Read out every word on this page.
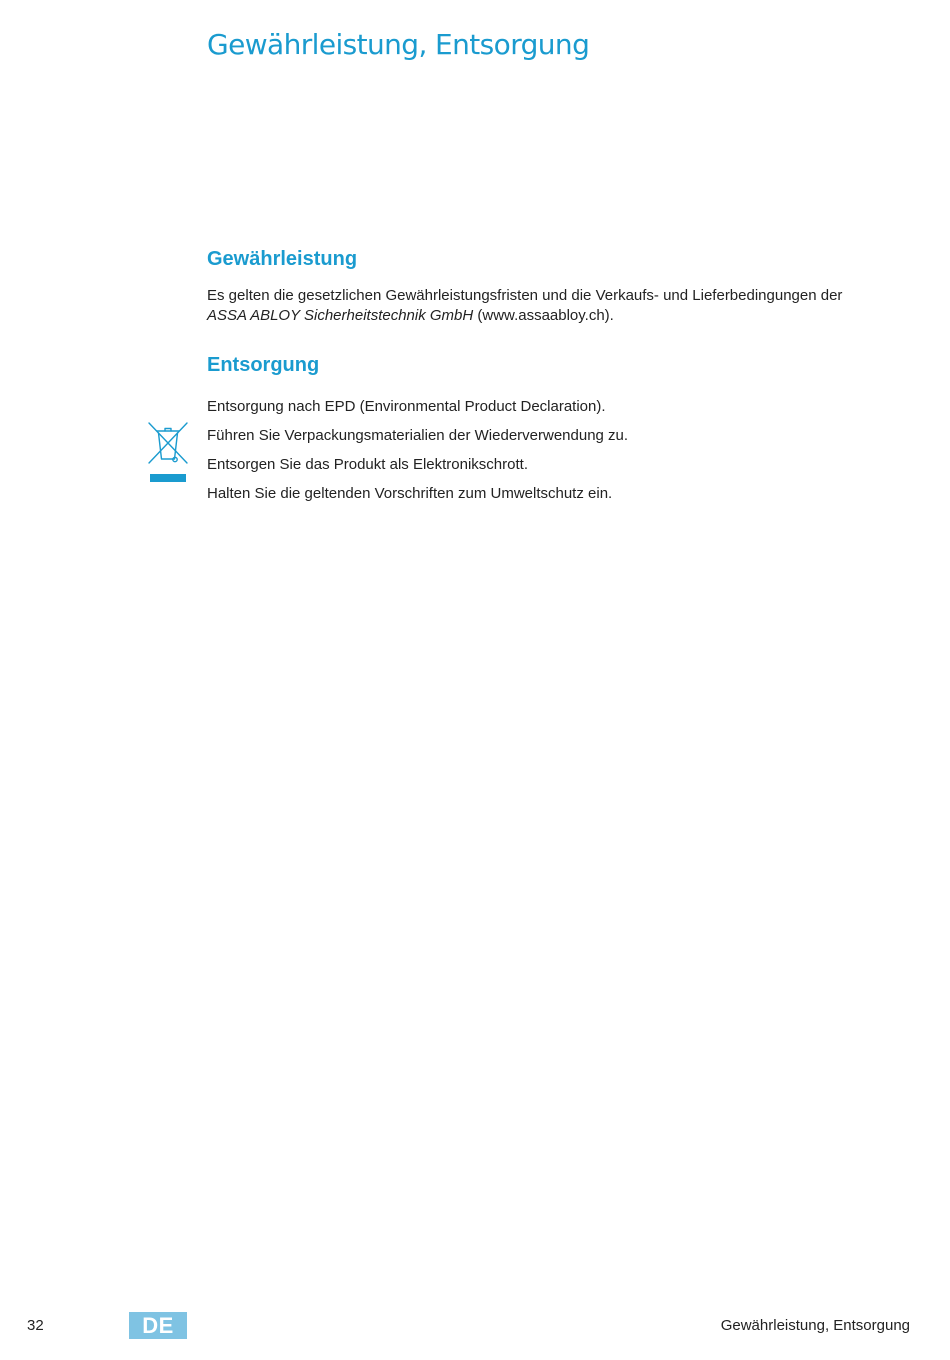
Gewährleistung, Entsorgung
Gewährleistung

Es gelten die gesetzlichen Gewährleistungsfristen und die Verkaufs- und Lieferbedingungen der
ASSA ABLOY Sicherheitstechnik GmbH (www.assaabloy.ch).

Entsorgung
Entsorgung nach EPD (Environmental Product Declaration).
Führen Sie Verpackungsmaterialien der Wiederverwendung zu.
Entsorgen Sie das Produkt als Elektronikschrott.
Halten Sie die geltenden Vorschriften zum Umweltschutz ein.
32	DE	Gewährleistung, Entsorgung
